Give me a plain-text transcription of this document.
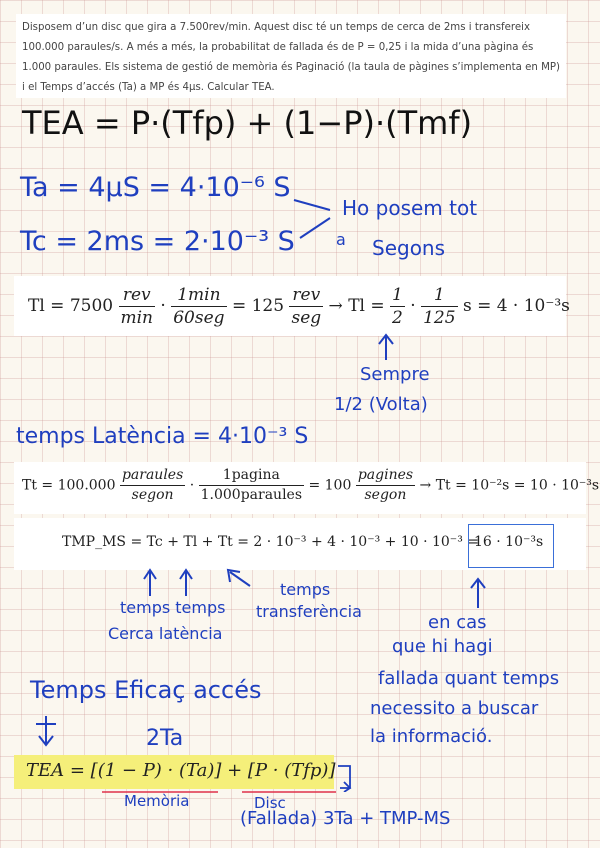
Disposem d’un disc que gira a 7.500rev/min. Aquest disc té un temps de cerca de 2ms i transfereix
100.000 paraules/s. A més a més, la probabilitat de fallada és de P = 0,25 i la mida d’una pàgina és
1.000 paraules. Els sistema de gestió de memòria és Paginació (la taula de pàgines s’implementa en MP)
i el Temps d’accés (Ta) a MP és 4μs. Calcular TEA.
TEA = P·(Tfp) + (1−P)·(Tmf)
Ta = 4μS = 4·10⁻⁶ S
Tc = 2ms = 2·10⁻³ S
Ho posem tot
a Segons
$Tl = 7500 \frac{\text{rev}}{\min} \cdot \frac{1\min}{\text{60seg}} = 125 \frac{\text{rev}}{\text{seg}} \to Tl = \frac{1}{2} \cdot \frac{1}{125}$ s = 4 · 10⁻³s
Sempre
1/2 (Volta)
temps Latència = 4·10⁻³ S
$Tt = 100.000 \frac{\text{paraules}}{\text{segon}} \cdot \frac{\text{1pagina}}{\text{1.000paraules}} = 100 \frac{\text{pagines}}{\text{segon}} \to Tt = 10^{-2}s = 10 \cdot 10^{-3}s$
TMP_MS = Tc + Tl + Tt = 2 · 10⁻³ + 4 · 10⁻³ + 10 · 10⁻³ =
16 · 10⁻³s
temps temps
Cerca latència
temps
transferència
en cas
que hi hagi
fallada quant temps
necessito a buscar
la informació.
Temps Eficaç accés
2Ta
TEA = [(1 − P) · (Ta)] + [P · (Tfp)]
Memòria	Disc
(Fallada) 3Ta + TMP-MS
